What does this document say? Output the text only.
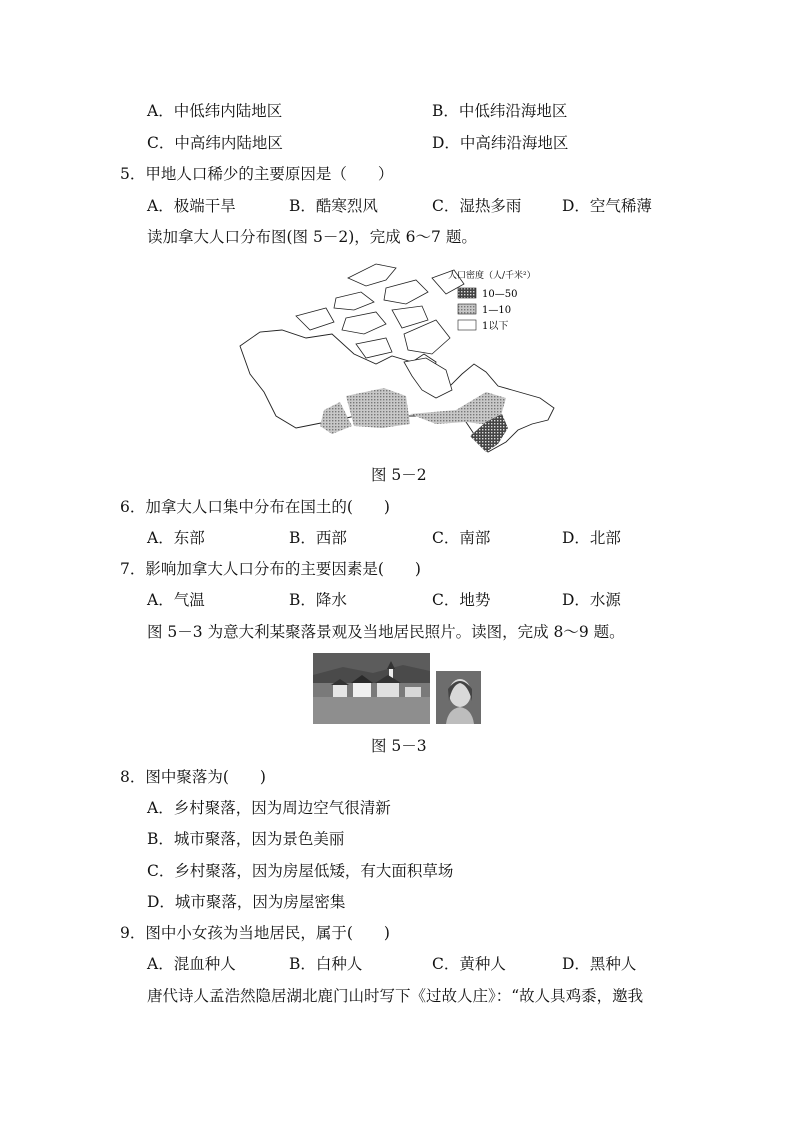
A．中低纬内陆地区	B．中低纬沿海地区
C．中高纬内陆地区	D．中高纬沿海地区
5．甲地人口稀少的主要原因是（　　）
A．极端干旱	B．酷寒烈风	C．湿热多雨	D．空气稀薄
读加拿大人口分布图(图 5－2)，完成 6～7 题。
人口密度（人/千米²）
10—50
1—10
1以下
图 5－2
6．加拿大人口集中分布在国土的(　　)
A．东部	B．西部	C．南部	D．北部
7．影响加拿大人口分布的主要因素是(　　)
A．气温	B．降水	C．地势	D．水源
图 5－3 为意大利某聚落景观及当地居民照片。读图，完成 8～9 题。
图 5－3
8．图中聚落为(　　)
A．乡村聚落，因为周边空气很清新
B．城市聚落，因为景色美丽
C．乡村聚落，因为房屋低矮，有大面积草场
D．城市聚落，因为房屋密集
9．图中小女孩为当地居民，属于(　　)
A．混血种人	B．白种人	C．黄种人	D．黑种人
唐代诗人孟浩然隐居湖北鹿门山时写下《过故人庄》：“故人具鸡黍，邀我
